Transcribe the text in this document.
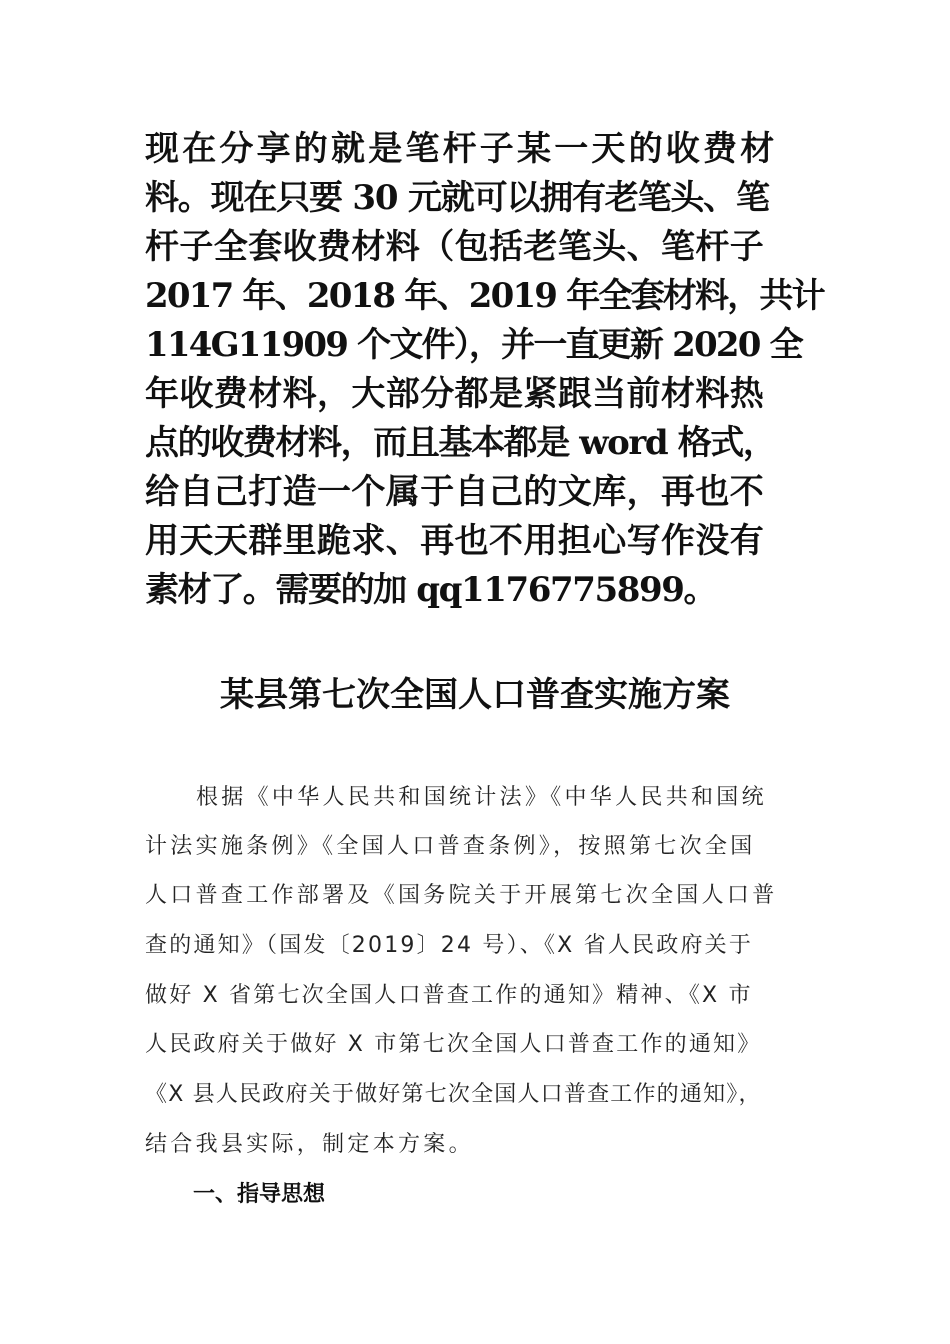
现在分享的就是笔杆子某一天的收费材
料。现在只要 30 元就可以拥有老笔头、笔
杆子全套收费材料（包括老笔头、笔杆子
2017 年、2018 年、2019 年全套材料，共计
114G11909 个文件），并一直更新 2020 全
年收费材料，大部分都是紧跟当前材料热
点的收费材料，而且基本都是 word 格式，
给自己打造一个属于自己的文库，再也不
用天天群里跪求、再也不用担心写作没有
素材了。需要的加 qq1176775899。
某县第七次全国人口普查实施方案
根据《中华人民共和国统计法》《中华人民共和国统
计法实施条例》《全国人口普查条例》，按照第七次全国
人口普查工作部署及《国务院关于开展第七次全国人口普
查的通知》（国发〔2019〕24 号）、《X 省人民政府关于
做好 X 省第七次全国人口普查工作的通知》精神、《X 市
人民政府关于做好 X 市第七次全国人口普查工作的通知》
《X 县人民政府关于做好第七次全国人口普查工作的通知》，
结合我县实际，制定本方案。
一、指导思想
